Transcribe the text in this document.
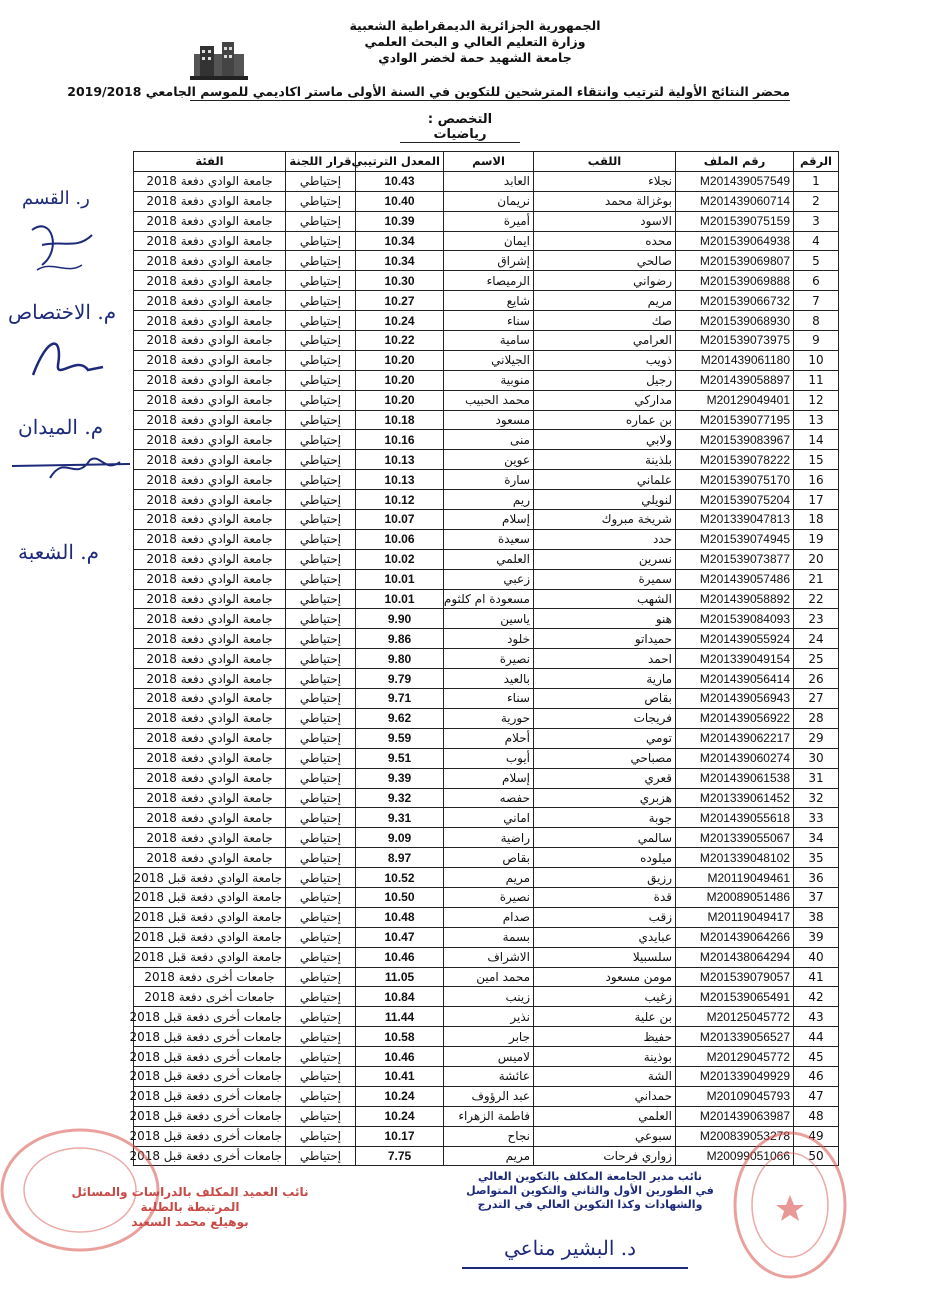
الجمهورية الجزائرية الديمقراطية الشعبية
وزارة التعليم العالي و البحث العلمي
جامعة الشهيد حمة لخضر الوادي
محضر النتائج الأولية لترتيب وانتقاء المترشحين للتكوين في السنة الأولى ماستر اكاديمي للموسم الجامعي 2019/2018
التخصص : رياضيات
الرقم	رقم الملف	اللقب	الاسم	المعدل الترتيبي	قرار اللجنة	الفئة
1	M201439057549	نجلاء	العابد	10.43	إحتياطي	جامعة الوادي دفعة 2018
2	M201439060714	بوغزالة محمد	نريمان	10.40	إحتياطي	جامعة الوادي دفعة 2018
3	M201539075159	الاسود	أميرة	10.39	إحتياطي	جامعة الوادي دفعة 2018
4	M201539064938	محده	ايمان	10.34	إحتياطي	جامعة الوادي دفعة 2018
5	M201539069807	صالحي	إشراق	10.34	إحتياطي	جامعة الوادي دفعة 2018
6	M201539069888	رضواني	الرميصاء	10.30	إحتياطي	جامعة الوادي دفعة 2018
7	M201539066732	مريم	شايع	10.27	إحتياطي	جامعة الوادي دفعة 2018
8	M201539068930	صك	سناء	10.24	إحتياطي	جامعة الوادي دفعة 2018
9	M201539073975	العرامي	سامية	10.22	إحتياطي	جامعة الوادي دفعة 2018
10	M201439061180	ذويب	الجيلاني	10.20	إحتياطي	جامعة الوادي دفعة 2018
11	M201439058897	رجيل	منوبية	10.20	إحتياطي	جامعة الوادي دفعة 2018
12	M20129049401	مداركي	محمد الحبيب	10.20	إحتياطي	جامعة الوادي دفعة 2018
13	M201539077195	بن عماره	مسعود	10.18	إحتياطي	جامعة الوادي دفعة 2018
14	M201539083967	ولابي	منى	10.16	إحتياطي	جامعة الوادي دفعة 2018
15	M201539078222	بلذينة	عوين	10.13	إحتياطي	جامعة الوادي دفعة 2018
16	M201539075170	علماني	سارة	10.13	إحتياطي	جامعة الوادي دفعة 2018
17	M201539075204	لنويلي	ريم	10.12	إحتياطي	جامعة الوادي دفعة 2018
18	M201339047813	شريخة مبروك	إسلام	10.07	إحتياطي	جامعة الوادي دفعة 2018
19	M201539074945	حدد	سعيدة	10.06	إحتياطي	جامعة الوادي دفعة 2018
20	M201539073877	نسرين	العلمي	10.02	إحتياطي	جامعة الوادي دفعة 2018
21	M201439057486	سميرة	زعبي	10.01	إحتياطي	جامعة الوادي دفعة 2018
22	M201439058892	الشهب	مسعودة ام كلثوم	10.01	إحتياطي	جامعة الوادي دفعة 2018
23	M201539084093	هنو	ياسين	9.90	إحتياطي	جامعة الوادي دفعة 2018
24	M201439055924	حميداتو	خلود	9.86	إحتياطي	جامعة الوادي دفعة 2018
25	M201339049154	احمد	نصيرة	9.80	إحتياطي	جامعة الوادي دفعة 2018
26	M201439056414	مارية	بالعيد	9.79	إحتياطي	جامعة الوادي دفعة 2018
27	M201439056943	بقاص	سناء	9.71	إحتياطي	جامعة الوادي دفعة 2018
28	M201439056922	فريجات	حورية	9.62	إحتياطي	جامعة الوادي دفعة 2018
29	M201439062217	تومي	أحلام	9.59	إحتياطي	جامعة الوادي دفعة 2018
30	M201439060274	مصباحي	أيوب	9.51	إحتياطي	جامعة الوادي دفعة 2018
31	M201439061538	قعري	إسلام	9.39	إحتياطي	جامعة الوادي دفعة 2018
32	M201339061452	هزبري	حفصه	9.32	إحتياطي	جامعة الوادي دفعة 2018
33	M201439055618	جوبة	اماني	9.31	إحتياطي	جامعة الوادي دفعة 2018
34	M201339055067	سالمي	راضية	9.09	إحتياطي	جامعة الوادي دفعة 2018
35	M201339048102	ميلوده	بقاص	8.97	إحتياطي	جامعة الوادي دفعة 2018
36	M20119049461	رزيق	مريم	10.52	إحتياطي	جامعة الوادي دفعة قبل 2018
37	M20089051486	قدة	نصيرة	10.50	إحتياطي	جامعة الوادي دفعة قبل 2018
38	M20119049417	زقب	صدام	10.48	إحتياطي	جامعة الوادي دفعة قبل 2018
39	M201439064266	عبايدي	بسمة	10.47	إحتياطي	جامعة الوادي دفعة قبل 2018
40	M201438064294	سلسبيلا	الاشراف	10.46	إحتياطي	جامعة الوادي دفعة قبل 2018
41	M201539079057	مومن مسعود	محمد امين	11.05	إحتياطي	جامعات أخرى دفعة 2018
42	M201539065491	زغيب	زينب	10.84	إحتياطي	جامعات أخرى دفعة 2018
43	M20125045772	بن علية	نذير	11.44	إحتياطي	جامعات أخرى دفعة قبل 2018
44	M201339056527	حفيظ	جابر	10.58	إحتياطي	جامعات أخرى دفعة قبل 2018
45	M20129045772	بوذينة	لاميس	10.46	إحتياطي	جامعات أخرى دفعة قبل 2018
46	M201339049929	الشة	عائشة	10.41	إحتياطي	جامعات أخرى دفعة قبل 2018
47	M20109045793	حمداني	عبد الرؤوف	10.24	إحتياطي	جامعات أخرى دفعة قبل 2018
48	M201439063987	العلمي	فاطمة الزهراء	10.24	إحتياطي	جامعات أخرى دفعة قبل 2018
49	M200839053278	سبوعي	نجاح	10.17	إحتياطي	جامعات أخرى دفعة قبل 2018
50	M20099051066	زواري فرحات	مريم	7.75	إحتياطي	جامعات أخرى دفعة قبل 2018
ر. القسم
م. الاختصاص
م. الميدان
م. الشعبة
نائب العميد المكلف بالدراسات والمسائل
المرتبطة بالطلبة
بوهيلع محمد السعيد
نائب مدير الجامعة المكلف بالتكوين العالي
في الطورين الأول والثاني والتكوين المتواصل
والشهادات وكذا التكوين العالي في التدرج
د. البشير مناعي
